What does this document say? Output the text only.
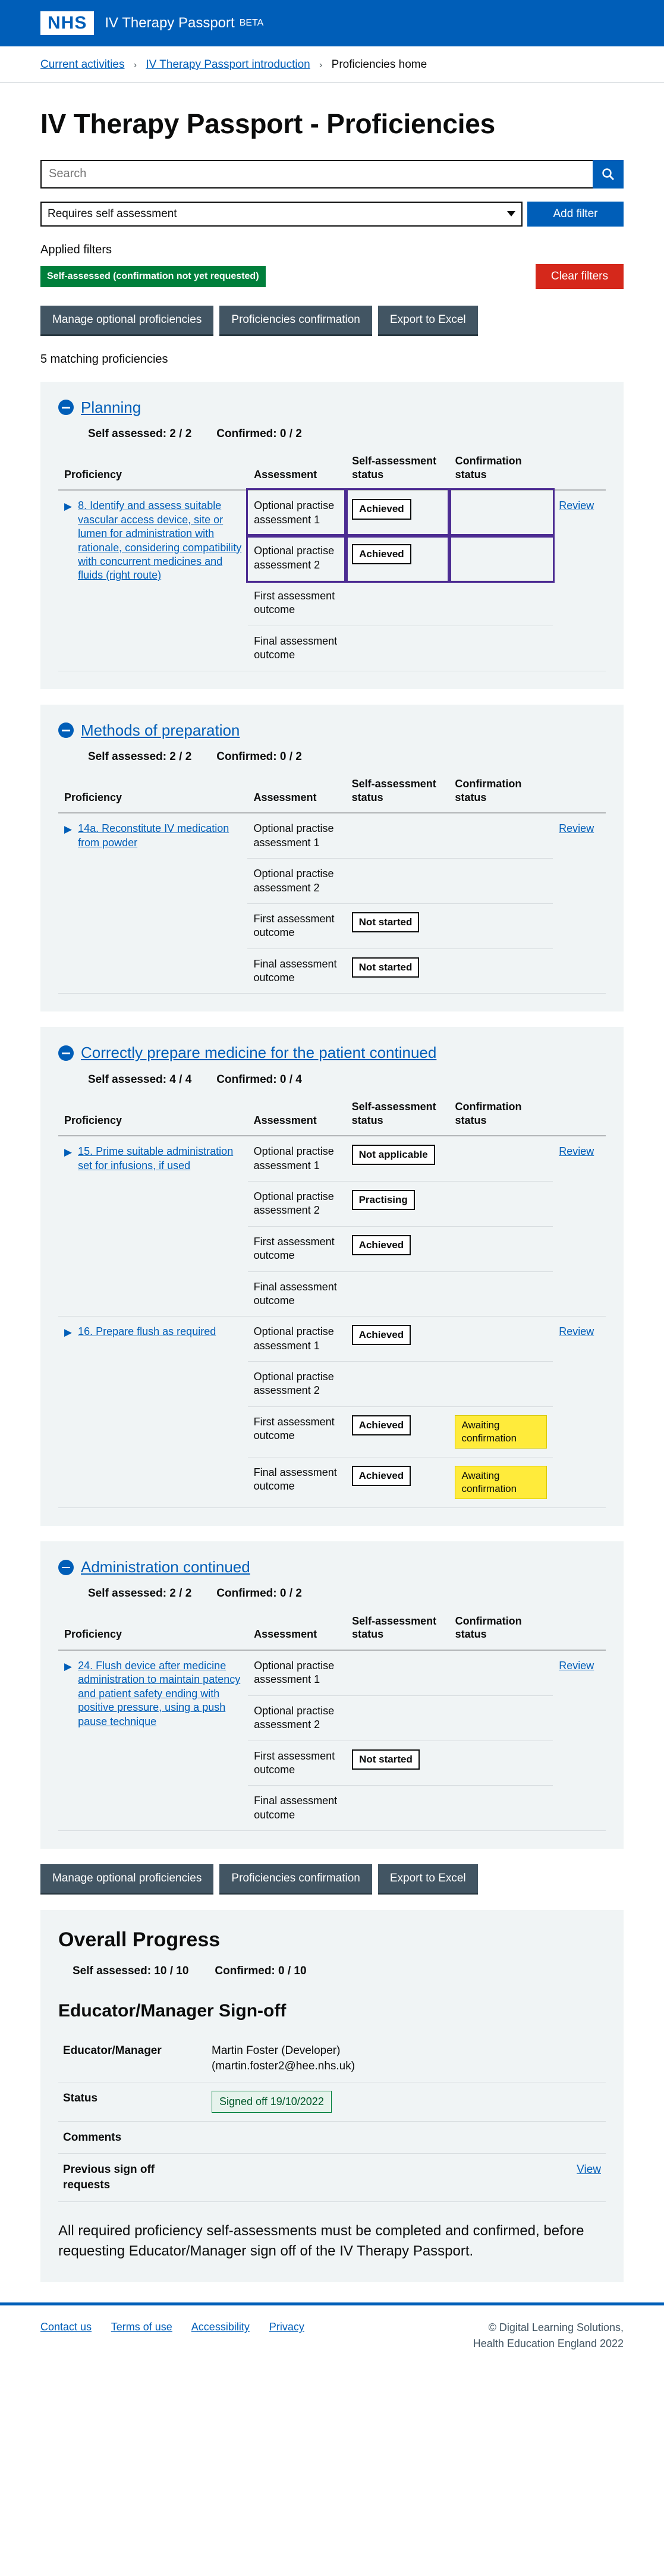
NHS	IV Therapy Passport BETA
Current activities › IV Therapy Passport introduction › Proficiencies home
IV Therapy Passport - Proficiencies
Search
Requires self assessment	Add filter
Applied filters
Self-assessed (confirmation not yet requested)	Clear filters
Manage optional proficiencies	Proficiencies confirmation	Export to Excel
5 matching proficiencies
Planning
Self assessed: 2 / 2 Confirmed: 0 / 2
Proficiency	Assessment	Self-assessment status	Confirmation status	

▶ 8. Identify and assess suitable vascular access device, site or lumen for administration with rationale, considering compatibility with concurrent medicines and fluids (right route)	Optional practise assessment 1	Achieved		Review
	Optional practise assessment 2	Achieved		
	First assessment outcome			
	Final assessment outcome			
Methods of preparation
Self assessed: 2 / 2 Confirmed: 0 / 2
Proficiency	Assessment	Self-assessment status	Confirmation status	

▶ 14a. Reconstitute IV medication from powder	Optional practise assessment 1			Review
	Optional practise assessment 2			
	First assessment outcome	Not started		
	Final assessment outcome	Not started		
Correctly prepare medicine for the patient continued
Self assessed: 4 / 4 Confirmed: 0 / 4
Proficiency	Assessment	Self-assessment status	Confirmation status	

▶ 15. Prime suitable administration set for infusions, if used	Optional practise assessment 1	Not applicable		Review
	Optional practise assessment 2	Practising		
	First assessment outcome	Achieved		
	Final assessment outcome			

▶ 16. Prepare flush as required	Optional practise assessment 1	Achieved		Review
	Optional practise assessment 2			
	First assessment outcome	Achieved	Awaiting confirmation	
	Final assessment outcome	Achieved	Awaiting confirmation	
Administration continued
Self assessed: 2 / 2 Confirmed: 0 / 2
Proficiency	Assessment	Self-assessment status	Confirmation status	

▶ 24. Flush device after medicine administration to maintain patency and patient safety ending with positive pressure, using a push pause technique	Optional practise assessment 1			Review
	Optional practise assessment 2			
	First assessment outcome	Not started		
	Final assessment outcome			
Manage optional proficiencies	Proficiencies confirmation	Export to Excel
Overall Progress
Self assessed: 10 / 10 Confirmed: 0 / 10
Educator/Manager Sign-off
Educator/Manager	Martin Foster (Developer)
(martin.foster2@hee.nhs.uk)	

Status	Signed off 19/10/2022	
Comments		
Previous sign off requests		View
All required proficiency self-assessments must be completed and confirmed, before requesting Educator/Manager sign off of the IV Therapy Passport.
Contact us Terms of use Accessibility Privacy	© Digital Learning Solutions,
Health Education England 2022
